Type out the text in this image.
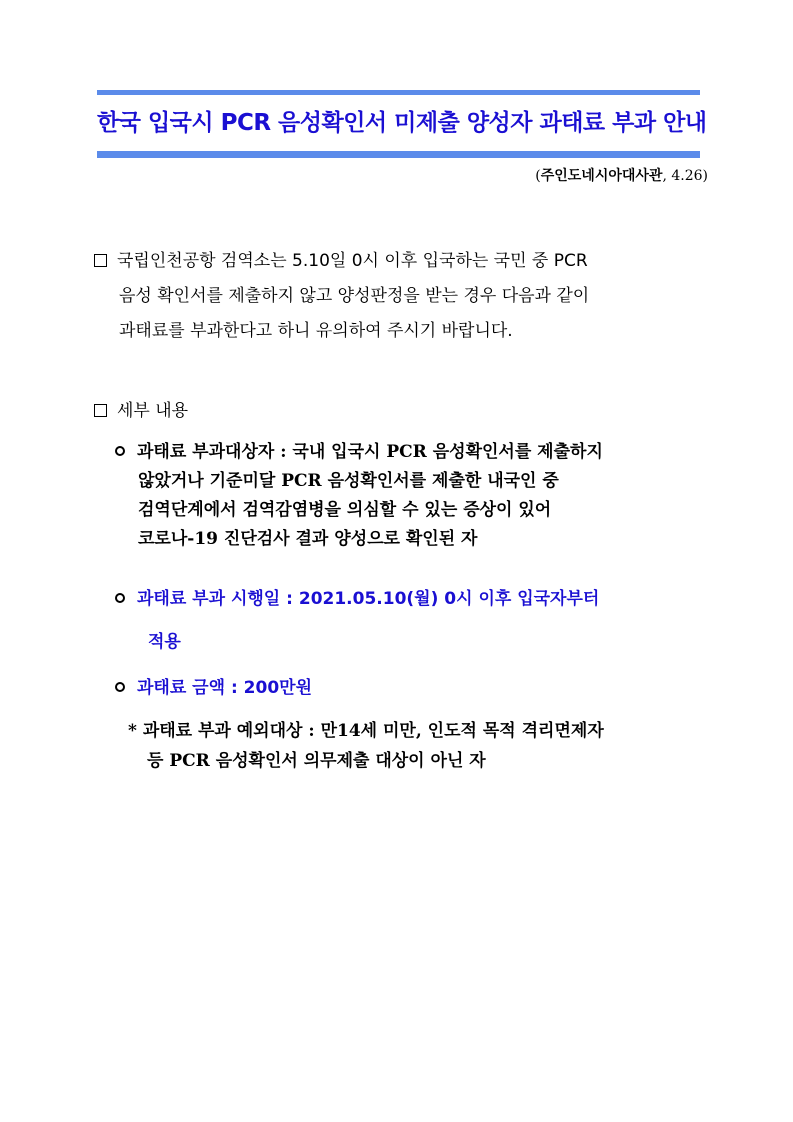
한국 입국시 PCR 음성확인서 미제출 양성자 과태료 부과 안내
(주인도네시아대사관, 4.26)
국립인천공항 검역소는 5.10일 0시 이후 입국하는 국민 중 PCR
음성 확인서를 제출하지 않고 양성판정을 받는 경우 다음과 같이
과태료를 부과한다고 하니 유의하여 주시기 바랍니다.
세부 내용
과태료 부과대상자 : 국내 입국시 PCR 음성확인서를 제출하지
않았거나 기준미달 PCR 음성확인서를 제출한 내국인 중
검역단계에서 검역감염병을 의심할 수 있는 증상이 있어
코로나-19 진단검사 결과 양성으로 확인된 자
과태료 부과 시행일 : 2021.05.10(월) 0시 이후 입국자부터
적용
과태료 금액 : 200만원
* 과태료 부과 예외대상 : 만14세 미만, 인도적 목적 격리면제자
등 PCR 음성확인서 의무제출 대상이 아닌 자
